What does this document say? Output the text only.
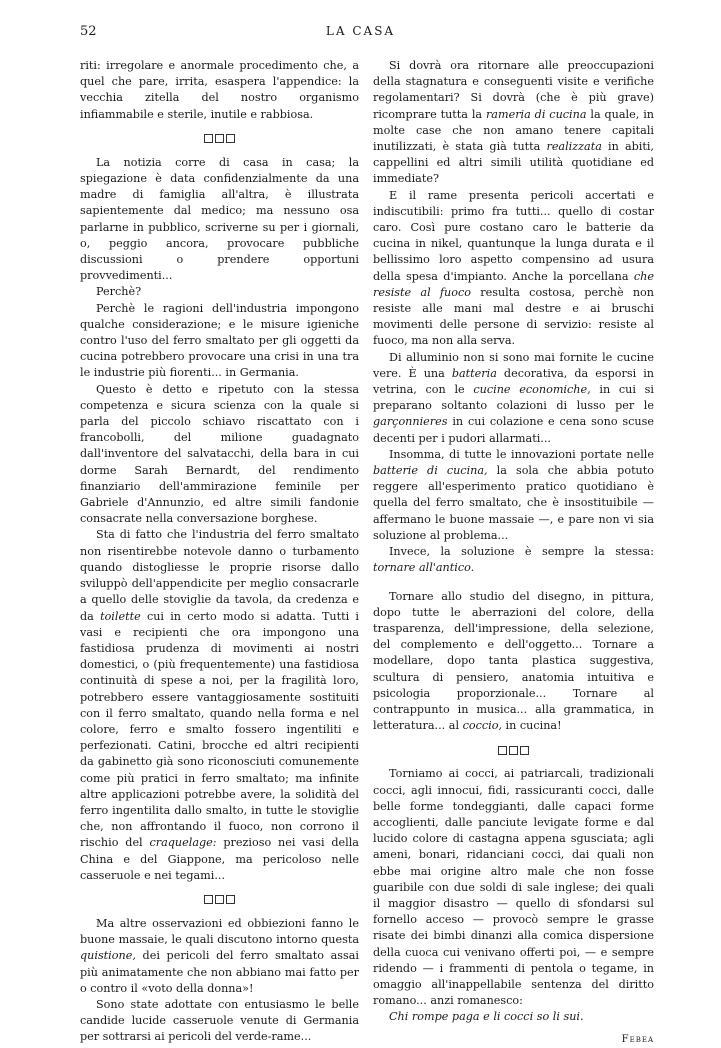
52	LA CASA

riti: irregolare e anormale procedimento che, a quel che pare, irrita, esaspera l'appendice: la vecchia zitella del nostro organismo infiammabile e sterile, inutile e rabbiosa.

La notizia corre di casa in casa; la spiegazione è data confidenzialmente da una madre di famiglia all'altra, è illustrata sapientemente dal medico; ma nessuno osa parlarne in pubblico, scriverne su per i giornali, o, peggio ancora, provocare pubbliche discussioni o prendere opportuni provvedimenti...

Perchè?

Perchè le ragioni dell'industria impongono qualche considerazione; e le misure igieniche contro l'uso del ferro smaltato per gli oggetti da cucina potrebbero provocare una crisi in una tra le industrie più fiorenti... in Germania.

Questo è detto e ripetuto con la stessa competenza e sicura scienza con la quale si parla del piccolo schiavo riscattato con i francobolli, del milione guadagnato dall'inventore del salvatacchi, della bara in cui dorme Sarah Bernardt, del rendimento finanziario dell'ammirazione feminile per Gabriele d'Annunzio, ed altre simili fandonie consacrate nella conversazione borghese.

Sta di fatto che l'industria del ferro smaltato non risentirebbe notevole danno o turbamento quando distogliesse le proprie risorse dallo sviluppò dell'appendicite per meglio consacrarle a quello delle stoviglie da tavola, da credenza e da toilette cui in certo modo si adatta. Tutti i vasi e recipienti che ora impongono una fastidiosa prudenza di movimenti ai nostri domestici, o (più frequentemente) una fastidiosa continuità di spese a noi, per la fragilità loro, potrebbero essere vantaggiosamente sostituiti con il ferro smaltato, quando nella forma e nel colore, ferro e smalto fossero ingentiliti e perfezionati. Catini, brocche ed altri recipienti da gabinetto già sono riconosciuti comunemente come più pratici in ferro smaltato; ma infinite altre applicazioni potrebbe avere, la solidità del ferro ingentilita dallo smalto, in tutte le stoviglie che, non affrontando il fuoco, non corrono il rischio del craquelage: prezioso nei vasi della China e del Giappone, ma pericoloso nelle casseruole e nei tegami...

Ma altre osservazioni ed obbiezioni fanno le buone massaie, le quali discutono intorno questa quistione, dei pericoli del ferro smaltato assai più animatamente che non abbiano mai fatto per o contro il «voto della donna»!

Sono state adottate con entusiasmo le belle candide lucide casseruole venute di Germania per sottrarsi ai pericoli del verde-rame...

Si dovrà ora ritornare alle preoccupazioni della stagnatura e conseguenti visite e verifiche regolamentari? Si dovrà (che è più grave) ricomprare tutta la rameria di cucina la quale, in molte case che non amano tenere capitali inutilizzati, è stata già tutta realizzata in abiti, cappellini ed altri simili utilità quotidiane ed immediate?

E il rame presenta pericoli accertati e indiscutibili: primo fra tutti... quello di costar caro. Così pure costano caro le batterie da cucina in nikel, quantunque la lunga durata e il bellissimo loro aspetto compensino ad usura della spesa d'impianto. Anche la porcellana che resiste al fuoco resulta costosa, perchè non resiste alle mani mal destre e ai bruschi movimenti delle persone di servizio: resiste al fuoco, ma non alla serva.

Di alluminio non si sono mai fornite le cucine vere. È una batteria decorativa, da esporsi in vetrina, con le cucine economiche, in cui si preparano soltanto colazioni di lusso per le garçonnieres in cui colazione e cena sono scuse decenti per i pudori allarmati...

Insomma, di tutte le innovazioni portate nelle batterie di cucina, la sola che abbia potuto reggere all'esperimento pratico quotidiano è quella del ferro smaltato, che è insostituibile — affermano le buone massaie —, e pare non vi sia soluzione al problema...

Invece, la soluzione è sempre la stessa: tornare all'antico.

Tornare allo studio del disegno, in pittura, dopo tutte le aberrazioni del colore, della trasparenza, dell'impressione, della selezione, del complemento e dell'oggetto... Tornare a modellare, dopo tanta plastica suggestiva, scultura di pensiero, anatomia intuitiva e psicologia proporzionale... Tornare al contrappunto in musica... alla grammatica, in letteratura... al coccio, in cucina!

Torniamo ai cocci, ai patriarcali, tradizionali cocci, agli innocui, fidi, rassicuranti cocci, dalle belle forme tondeggianti, dalle capaci forme accoglienti, dalle panciute levigate forme e dal lucido colore di castagna appena sgusciata; agli ameni, bonari, ridanciani cocci, dai quali non ebbe mai origine altro male che non fosse guaribile con due soldi di sale inglese; dei quali il maggior disastro — quello di sfondarsi sul fornello acceso — provocò sempre le grasse risate dei bimbi dinanzi alla comica dispersione della cuoca cui venivano offerti poi, — e sempre ridendo — i frammenti di pentola o tegame, in omaggio all'inappellabile sentenza del diritto romano... anzi romanesco:

Chi rompe paga e li cocci so li sui.

Febea
